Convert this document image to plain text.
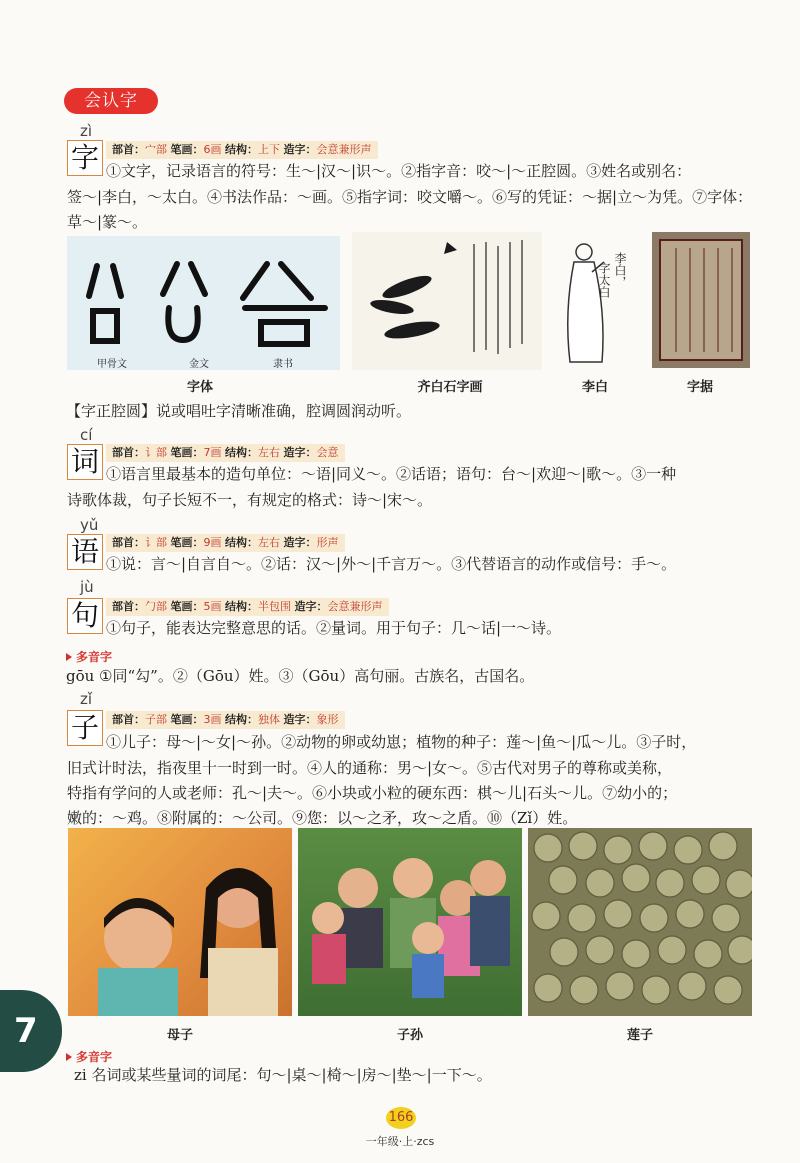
会认字
zì
字	部首：宀部 笔画：6画 结构：上下 造字：会意兼形声
①文字，记录语言的符号：生～|汉～|识～。②指字音：咬～|～正腔圆。③姓名或别名：
签～|李白，～太白。④书法作品：～画。⑤指字词：咬文嚼～。⑥写的凭证：～据|立～为凭。⑦字体：
草～|篆～。
甲骨文	金文	隶书
李白，
字太白
字体	齐白石字画	李白	字据
【字正腔圆】说或唱吐字清晰准确，腔调圆润动听。
cí
词	部首：讠部 笔画：7画 结构：左右 造字：会意
①语言里最基本的造句单位：～语|同义～。②话语；语句：台～|欢迎～|歌～。③一种
诗歌体裁，句子长短不一，有规定的格式：诗～|宋～。
yǔ
语	部首：讠部 笔画：9画 结构：左右 造字：形声
①说：言～|自言自～。②话：汉～|外～|千言万～。③代替语言的动作或信号：手～。
jù
句	部首：勹部 笔画：5画 结构：半包围 造字：会意兼形声
①句子，能表达完整意思的话。②量词。用于句子：几～话|一～诗。
多音字
gōu ①同“勾”。②（Gōu）姓。③（Gōu）高句丽。古族名，古国名。
zǐ
子	部首：子部 笔画：3画 结构：独体 造字：象形
①儿子：母～|～女|～孙。②动物的卵或幼崽；植物的种子：莲～|鱼～|瓜～儿。③子时，
旧式计时法，指夜里十一时到一时。④人的通称：男～|女～。⑤古代对男子的尊称或美称，
特指有学问的人或老师：孔～|夫～。⑥小块或小粒的硬东西：棋～儿|石头～儿。⑦幼小的；
嫩的：～鸡。⑧附属的：～公司。⑨您：以～之矛，攻～之盾。⑩（Zǐ）姓。
母子	子孙	莲子
多音字
zi 名词或某些量词的词尾：句～|桌～|椅～|房～|垫～|一下～。
7
166
一年级·上·zcs
